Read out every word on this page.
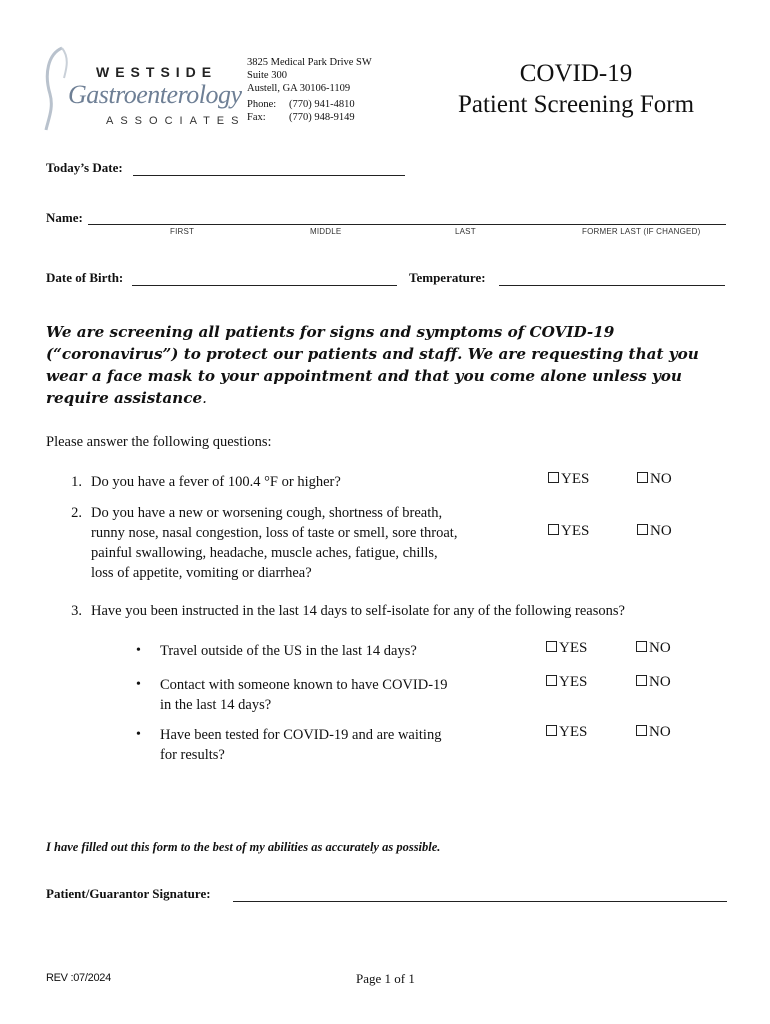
WESTSIDE
Gastroenterology
ASSOCIATES
3825 Medical Park Drive SW
Suite 300
Austell, GA 30106-1109
Phone: (770) 941-4810
Fax: (770) 948-9149
COVID-19
Patient Screening Form
Today’s Date:
Name:
FIRST	MIDDLE	LAST	FORMER LAST (IF CHANGED)
Date of Birth:	Temperature:
We are screening all patients for signs and symptoms of COVID-19 (“coronavirus”) to protect our patients and staff. We are requesting that you wear a face mask to your appointment and that you come alone unless you require assistance.
Please answer the following questions:
1. Do you have a fever of 100.4 °F or higher?	YES	NO
2. Do you have a new or worsening cough, shortness of breath,
runny nose, nasal congestion, loss of taste or smell, sore throat,
painful swallowing, headache, muscle aches, fatigue, chills,
loss of appetite, vomiting or diarrhea?
YES	NO
3. Have you been instructed in the last 14 days to self-isolate for any of the following reasons?
• Travel outside of the US in the last 14 days?	YES	NO
• Contact with someone known to have COVID-19
in the last 14 days?
YES	NO
• Have been tested for COVID-19 and are waiting
for results?
YES	NO
I have filled out this form to the best of my abilities as accurately as possible.
Patient/Guarantor Signature:
REV :07/2024	Page 1 of 1
